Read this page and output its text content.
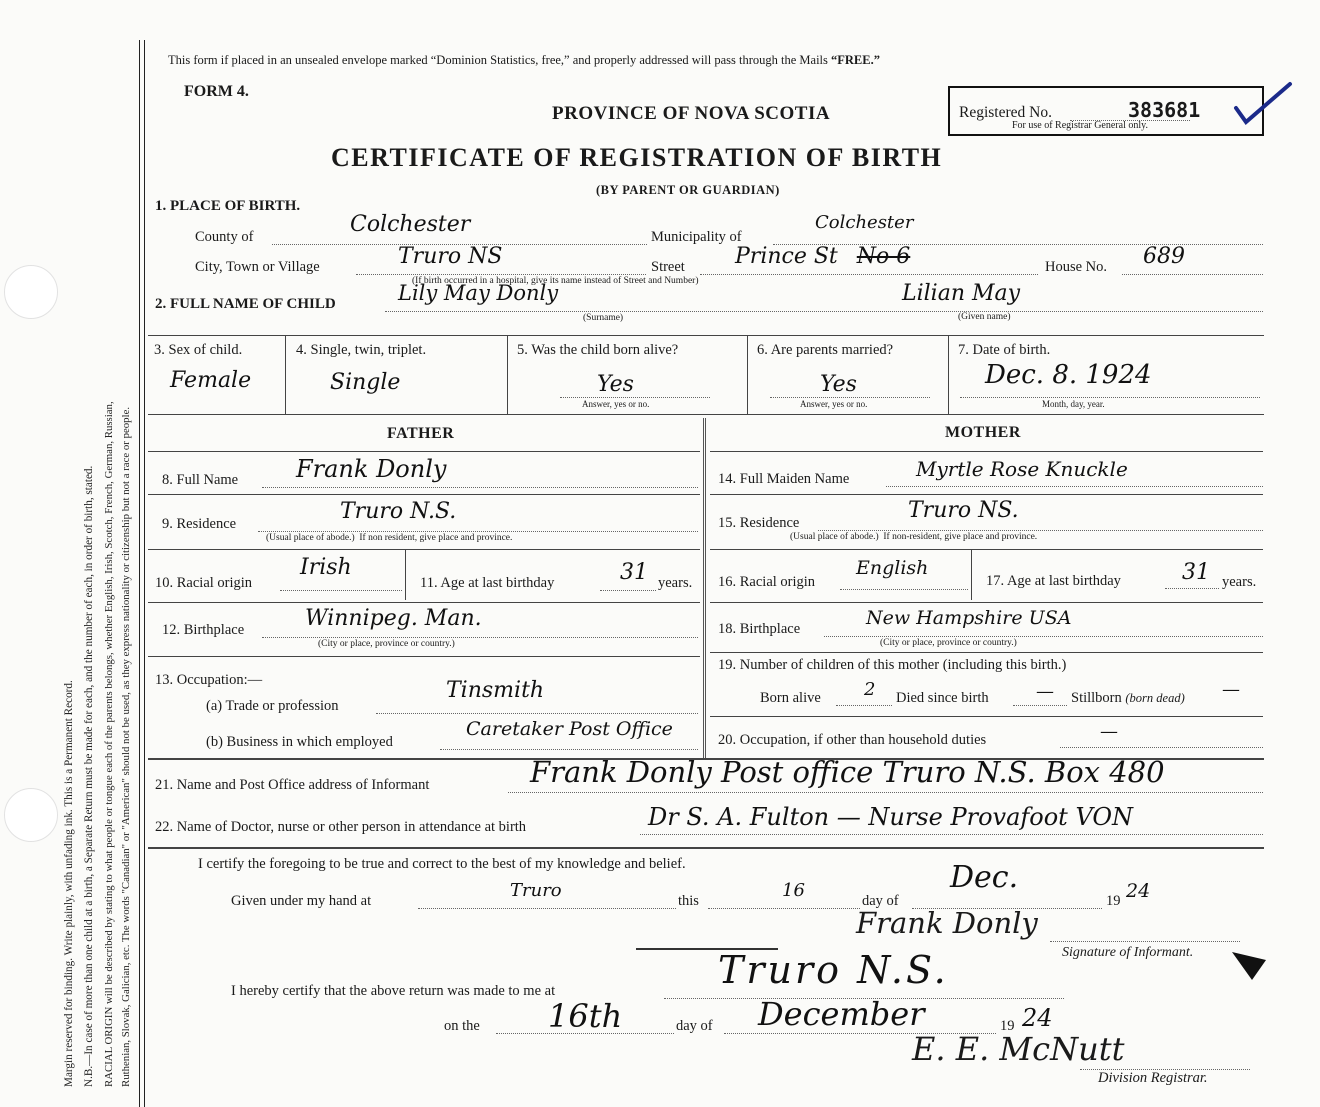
Margin reserved for binding. Write plainly, with unfading ink. This is a Permanent Record. N.B.—In case of more than one child at a birth, a Separate Return must be made for each, and the number of each, in order of birth, stated. RACIAL ORIGIN will be described by stating to what people or tongue each of the parents belongs, whether English, Irish, Scotch, French, German, Russian, Ruthenian, Slovak, Galician, etc. The words "Canadian" or "American" should not be used, as they express nationality or citizenship but not a race or people.
This form if placed in an unsealed envelope marked “Dominion Statistics, free,” and properly addressed will pass through the Mails “FREE.”
FORM 4.
Registered No.	383681
For use of Registrar General only.
PROVINCE OF NOVA SCOTIA
CERTIFICATE OF REGISTRATION OF BIRTH
(BY PARENT OR GUARDIAN)
1. PLACE OF BIRTH.
County of	Colchester	Municipality of
Colchester
City, Town or Village	Truro NS	Street Prince St No 6
(If birth occurred in a hospital, give its name instead of Street and Number)
House No. 689
2. FULL NAME OF CHILD	Lily May Donly
(Surname)
Lilian May
(Given name)
3. Sex of child.
Female
4. Single, twin, triplet.
Single
5. Was the child born alive?
Yes
Answer, yes or no.
6. Are parents married?
Yes
Answer, yes or no.
7. Date of birth.
Dec. 8. 1924
Month, day, year.
FATHER
8. Full Name Frank Donly
9. Residence	Truro N.S.
(Usual place of abode.) If non resident, give place and province.
10. Racial origin
Irish
11. Age at last birthday	31 years.
12. Birthplace	Winnipeg. Man.
(City or place, province or country.)
13. Occupation:—
(a) Trade or profession
Tinsmith
(b) Business in which employed
Caretaker Post Office
MOTHER
14. Full Maiden Name	Myrtle Rose Knuckle
15. Residence	Truro NS.
(Usual place of abode.) If non-resident, give place and province.
16. Racial origin
English
17. Age at last birthday	31 years.
18. Birthplace	New Hampshire USA
(City or place, province or country.)
19. Number of children of this mother (including this birth.)
Born alive 2 Died since birth	— Stillborn (born dead) —
20. Occupation, if other than household duties	—
21. Name and Post Office address of Informant	Frank Donly Post office Truro N.S. Box 480
22. Name of Doctor, nurse or other person in attendance at birth	Dr S. A. Fulton — Nurse Provafoot VON
I certify the foregoing to be true and correct to the best of my knowledge and belief.
Given under my hand at	Truro	this	16	day of
Dec.
19 24
Frank Donly
Signature of Informant.
I hereby certify that the above return was made to me at	Truro N.S.
on the 16th	day of December	19 24
E. E. McNutt
Division Registrar.
